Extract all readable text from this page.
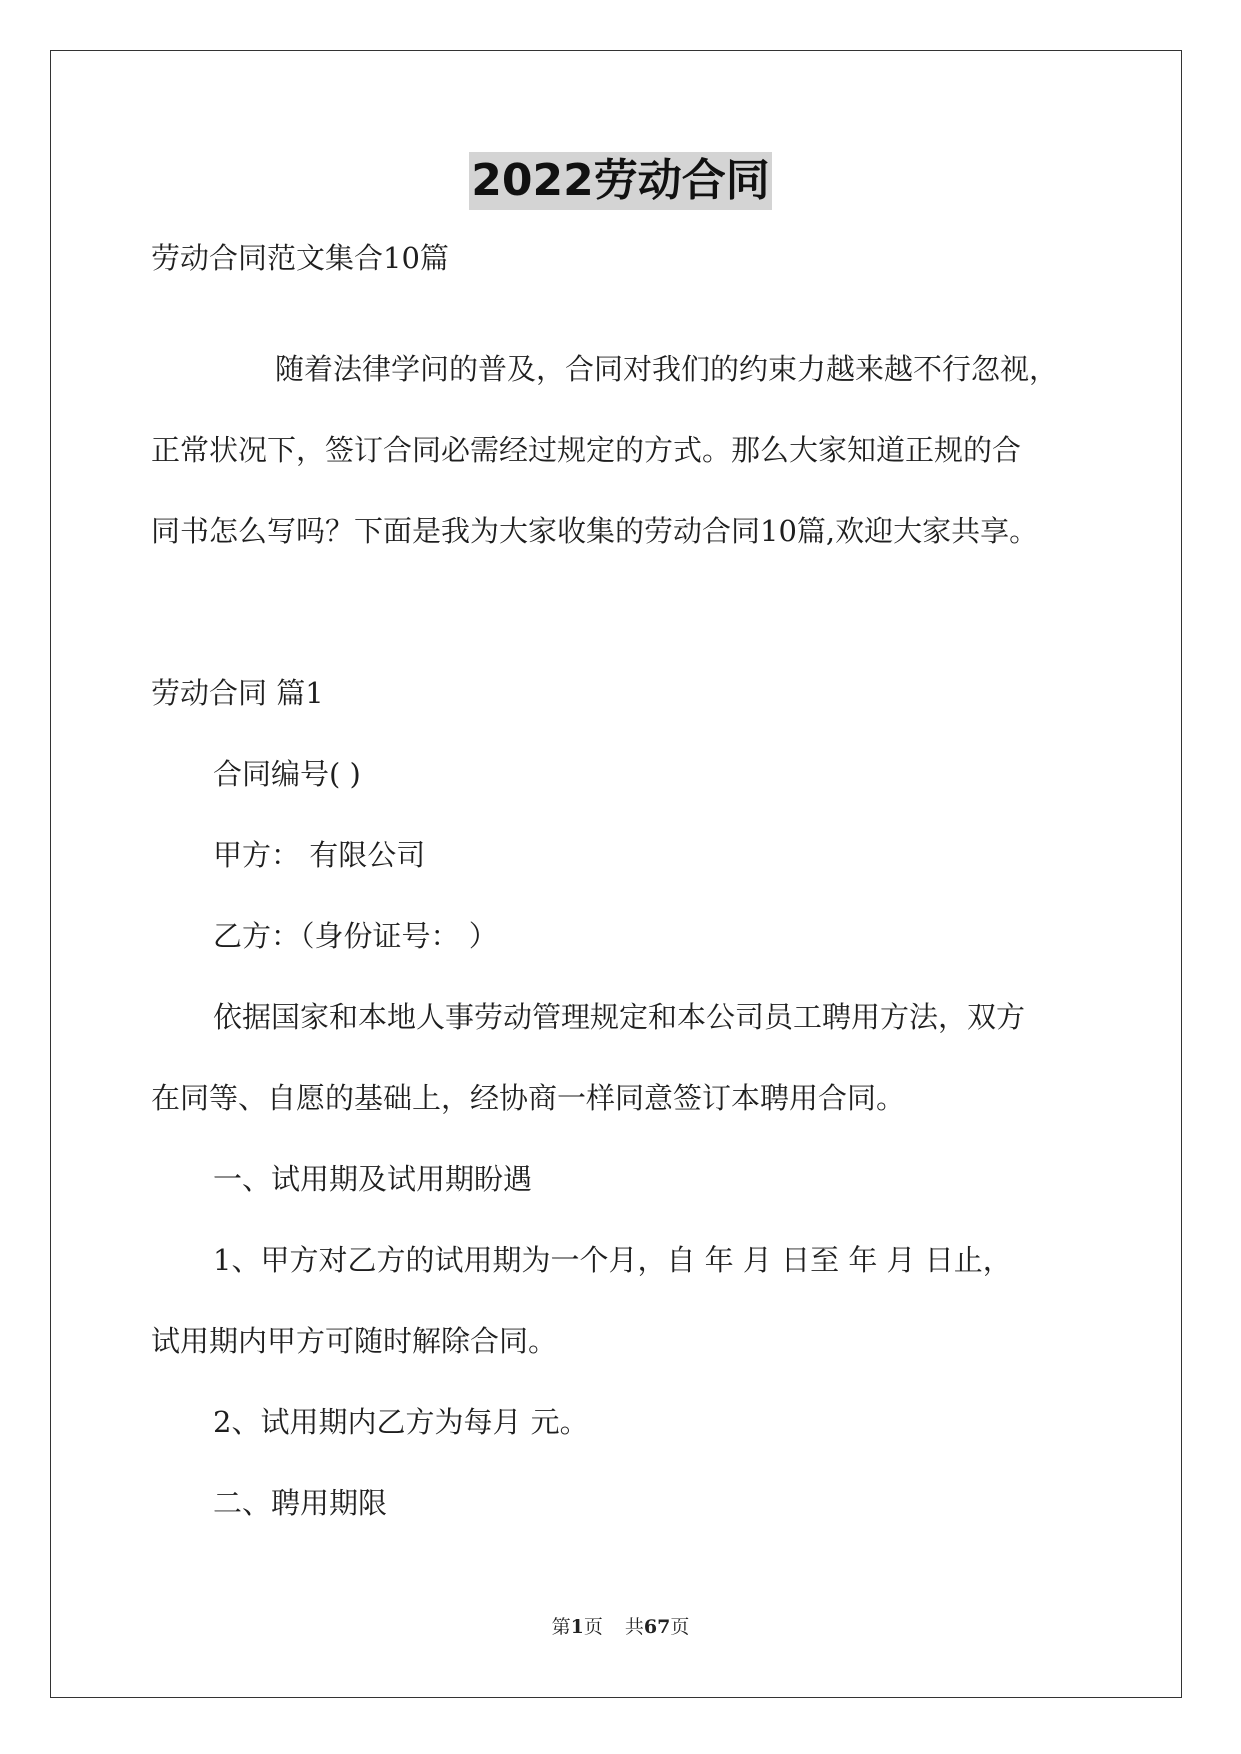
2022劳动合同
劳动合同范文集合10篇
随着法律学问的普及，合同对我们的约束力越来越不行忽视，
正常状况下，签订合同必需经过规定的方式。那么大家知道正规的合
同书怎么写吗？下面是我为大家收集的劳动合同10篇,欢迎大家共享。
劳动合同 篇1
合同编号( )
甲方： 有限公司
乙方：（身份证号： ）
依据国家和本地人事劳动管理规定和本公司员工聘用方法，双方
在同等、自愿的基础上，经协商一样同意签订本聘用合同。
一、试用期及试用期盼遇
1、甲方对乙方的试用期为一个月，自 年 月 日至 年 月 日止，
试用期内甲方可随时解除合同。
2、试用期内乙方为每月 元。
二、聘用期限
第1页 共67页
